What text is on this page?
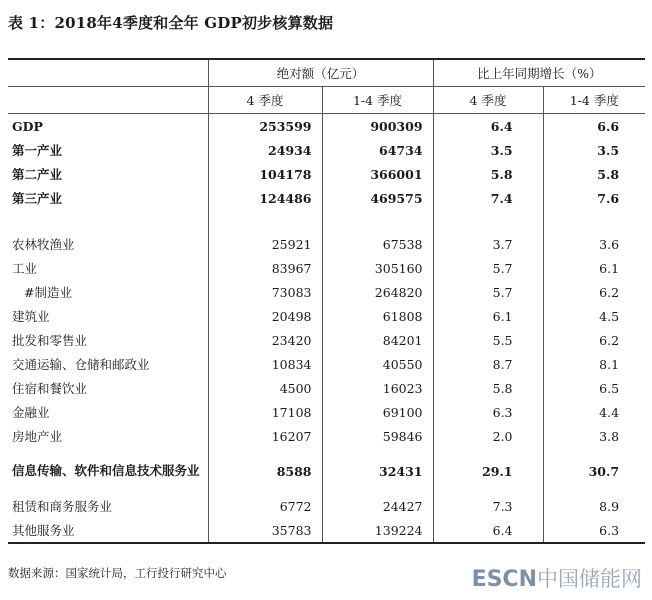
表 1：2018年4季度和全年 GDP初步核算数据
	绝对额（亿元）		比上年同期增长（%）	
	4 季度	1-4 季度	4 季度	1-4 季度
GDP	253599	900309	6.4	6.6
第一产业	24934	64734	3.5	3.5
第二产业	104178	366001	5.8	5.8
第三产业	124486	469575	7.4	7.6

农林牧渔业	25921	67538	3.7	3.6
工业	83967	305160	5.7	6.1
#制造业	73083	264820	5.7	6.2
建筑业	20498	61808	6.1	4.5
批发和零售业	23420	84201	5.5	6.2
交通运输、仓储和邮政业	10834	40550	8.7	8.1
住宿和餐饮业	4500	16023	5.8	6.5
金融业	17108	69100	6.3	4.4
房地产业	16207	59846	2.0	3.8
信息传输、软件和信息技术服务业	8588	32431	29.1	30.7
租赁和商务服务业	6772	24427	7.3	8.9
其他服务业	35783	139224	6.4	6.3
数据来源：国家统计局，工行投行研究中心	ESCN中国储能网
